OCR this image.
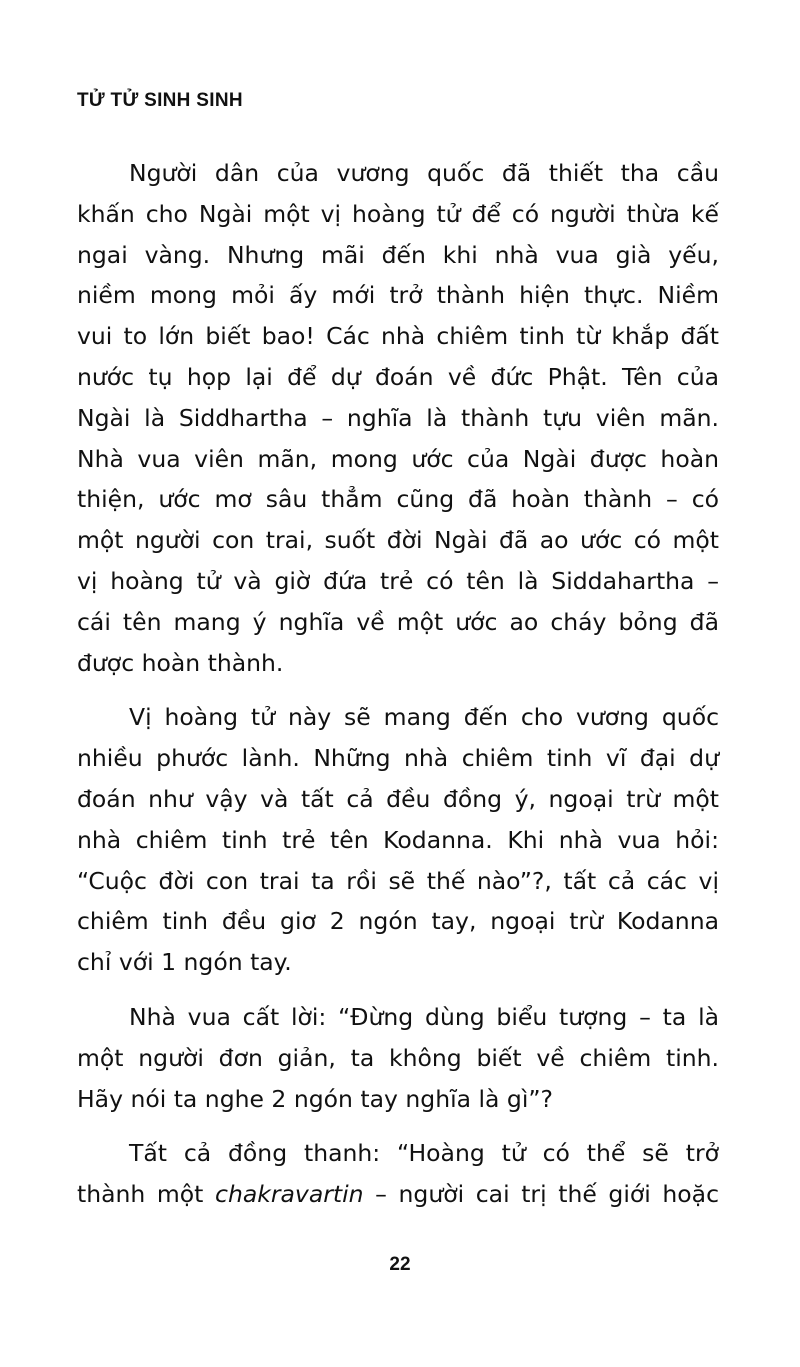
TỬ TỬ SINH SINH
Người dân của vương quốc đã thiết tha cầu
khấn cho Ngài một vị hoàng tử để có người thừa kế
ngai vàng. Nhưng mãi đến khi nhà vua già yếu,
niềm mong mỏi ấy mới trở thành hiện thực. Niềm
vui to lớn biết bao! Các nhà chiêm tinh từ khắp đất
nước tụ họp lại để dự đoán về đức Phật. Tên của
Ngài là Siddhartha – nghĩa là thành tựu viên mãn.
Nhà vua viên mãn, mong ước của Ngài được hoàn
thiện, ước mơ sâu thẳm cũng đã hoàn thành – có
một người con trai, suốt đời Ngài đã ao ước có một
vị hoàng tử và giờ đứa trẻ có tên là Siddahartha –
cái tên mang ý nghĩa về một ước ao cháy bỏng đã
được hoàn thành.
Vị hoàng tử này sẽ mang đến cho vương quốc
nhiều phước lành. Những nhà chiêm tinh vĩ đại dự
đoán như vậy và tất cả đều đồng ý, ngoại trừ một
nhà chiêm tinh trẻ tên Kodanna. Khi nhà vua hỏi:
“Cuộc đời con trai ta rồi sẽ thế nào”?, tất cả các vị
chiêm tinh đều giơ 2 ngón tay, ngoại trừ Kodanna
chỉ với 1 ngón tay.
Nhà vua cất lời: “Đừng dùng biểu tượng – ta là
một người đơn giản, ta không biết về chiêm tinh.
Hãy nói ta nghe 2 ngón tay nghĩa là gì”?
Tất cả đồng thanh: “Hoàng tử có thể sẽ trở
thành một chakravartin – người cai trị thế giới hoặc
22
